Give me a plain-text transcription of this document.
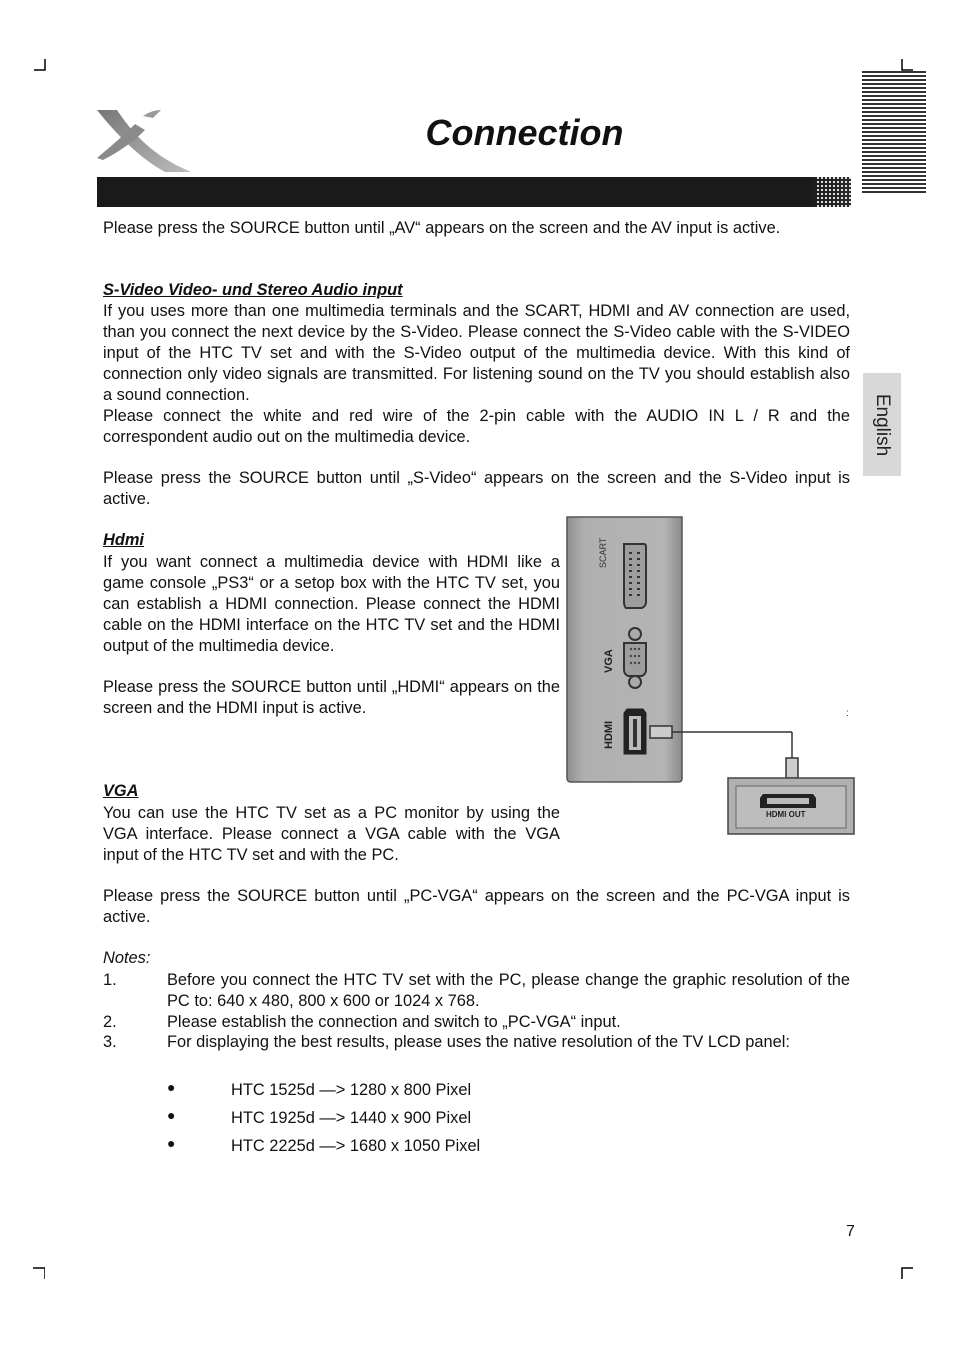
Connection
English
Please press the SOURCE button until „AV“ appears on the screen and the AV input is active.
S-Video Video- und Stereo Audio input
If you uses more than one multimedia terminals and the SCART, HDMI and AV connection are used, than you connect the next device by the S-Video. Please connect the S-Video cable with the S-VIDEO input of the HTC TV set and with the S-Video output of the multimedia device. With this kind of connection only video signals are transmitted. For listening sound on the TV you should establish also a sound connection.
Please connect the white and red wire of the 2-pin cable with the AUDIO IN L / R and the correspondent audio out on the multimedia device.
Please press the SOURCE button until „S-Video“ appears on the screen and the S-Video input is active.
Hdmi
If you want connect a multimedia device with HDMI like a game console „PS3“ or a setop box with the HTC TV set, you can establish a HDMI connection. Please connect the HDMI cable on the HDMI interface on the HTC TV set and the HDMI output of the multimedia device.
Please press the SOURCE button until „HDMI“ appears on the screen and the HDMI input is active.
VGA
You can use the HTC TV set as a PC monitor by using the VGA interface. Please connect a VGA cable with the VGA input of the HTC TV set and with the PC.
Please press the SOURCE button until „PC-VGA“ appears on the screen and the PC-VGA input is active.
:
SCART
VGA
HDMI
HDMI OUT
Notes:
1.	Before you connect the HTC TV set with the PC, please change the graphic resolution of the PC to: 640 x 480, 800 x 600 or 1024 x 768.
2.	Please establish the connection and switch to „PC-VGA“ input.
3.	For displaying the best results, please uses the native resolution of the TV LCD panel:
●	HTC 1525d —> 1280 x 800 Pixel
●	HTC 1925d —> 1440 x 900 Pixel
●	HTC 2225d —> 1680 x 1050 Pixel
7
